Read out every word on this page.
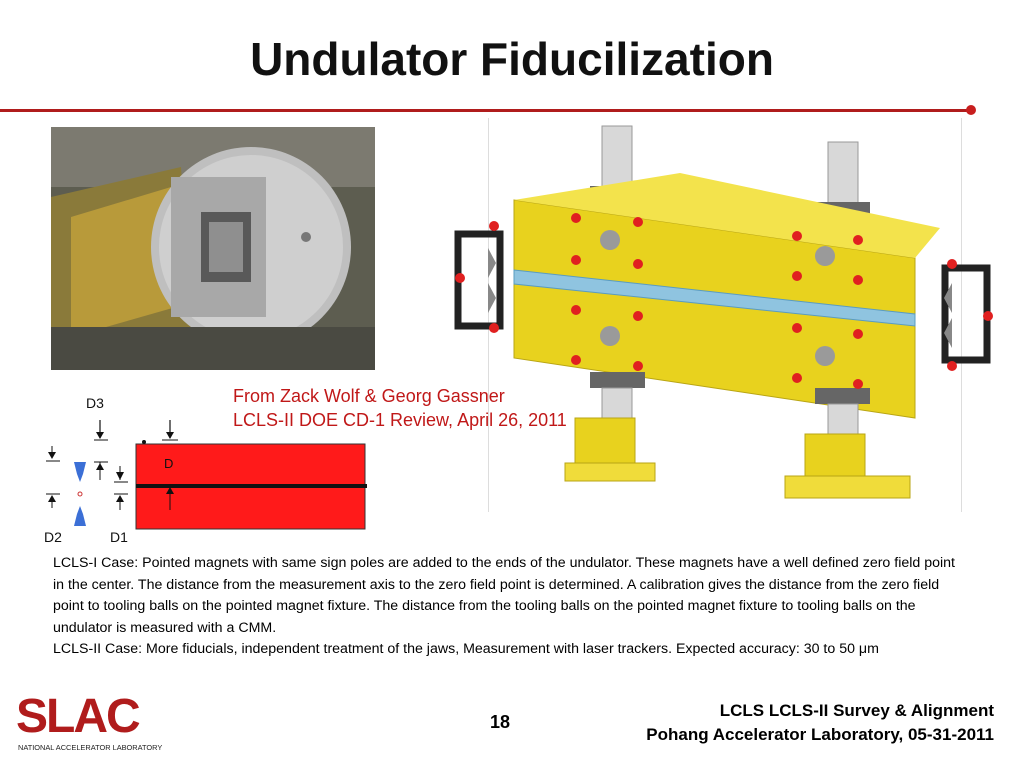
Undulator Fiducilization
From Zack Wolf & Georg Gassner
LCLS-II DOE CD-1 Review, April 26, 2011
D3
D2	D1
D

LCLS-I Case: Pointed magnets with same sign poles are added to the ends of the undulator. These magnets have a well defined zero field point in the center. The distance from the measurement axis to the zero field point is determined. A calibration gives the distance from the zero field point to tooling balls on the pointed magnet fixture. The distance from the tooling balls on the pointed magnet fixture to tooling balls on the undulator is measured with a CMM.

LCLS-II Case: More fiducials, independent treatment of the jaws, Measurement with laser trackers. Expected accuracy: 30 to 50 μm

SLAC
NATIONAL ACCELERATOR LABORATORY
18
LCLS LCLS-II Survey & Alignment
Pohang Accelerator Laboratory, 05-31-2011
